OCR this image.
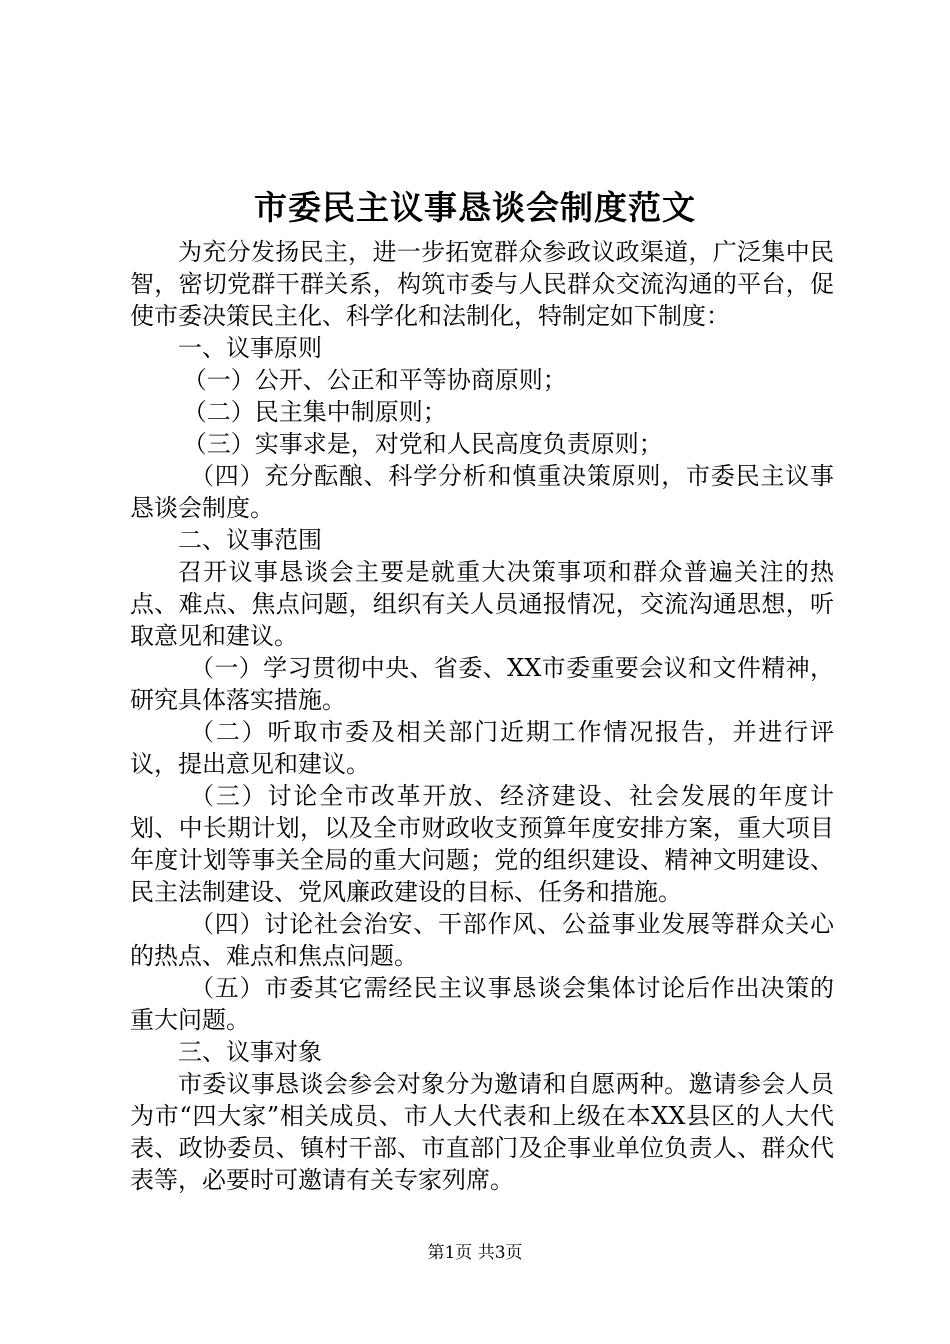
市委民主议事恳谈会制度范文

为充分发扬民主，进一步拓宽群众参政议政渠道，广泛集中民智，密切党群干群关系，构筑市委与人民群众交流沟通的平台，促使市委决策民主化、科学化和法制化，特制定如下制度：

一、议事原则

（一）公开、公正和平等协商原则；

（二）民主集中制原则；

（三）实事求是，对党和人民高度负责原则；

（四）充分酝酿、科学分析和慎重决策原则，市委民主议事恳谈会制度。

二、议事范围

召开议事恳谈会主要是就重大决策事项和群众普遍关注的热点、难点、焦点问题，组织有关人员通报情况，交流沟通思想，听取意见和建议。

（一）学习贯彻中央、省委、XX市委重要会议和文件精神，研究具体落实措施。

（二）听取市委及相关部门近期工作情况报告，并进行评议，提出意见和建议。

（三）讨论全市改革开放、经济建设、社会发展的年度计划、中长期计划，以及全市财政收支预算年度安排方案，重大项目年度计划等事关全局的重大问题；党的组织建设、精神文明建设、民主法制建设、党风廉政建设的目标、任务和措施。

（四）讨论社会治安、干部作风、公益事业发展等群众关心的热点、难点和焦点问题。

（五）市委其它需经民主议事恳谈会集体讨论后作出决策的重大问题。

三、议事对象

市委议事恳谈会参会对象分为邀请和自愿两种。邀请参会人员为市“四大家”相关成员、市人大代表和上级在本XX县区的人大代表、政协委员、镇村干部、市直部门及企事业单位负责人、群众代表等，必要时可邀请有关专家列席。

第1页 共3页
